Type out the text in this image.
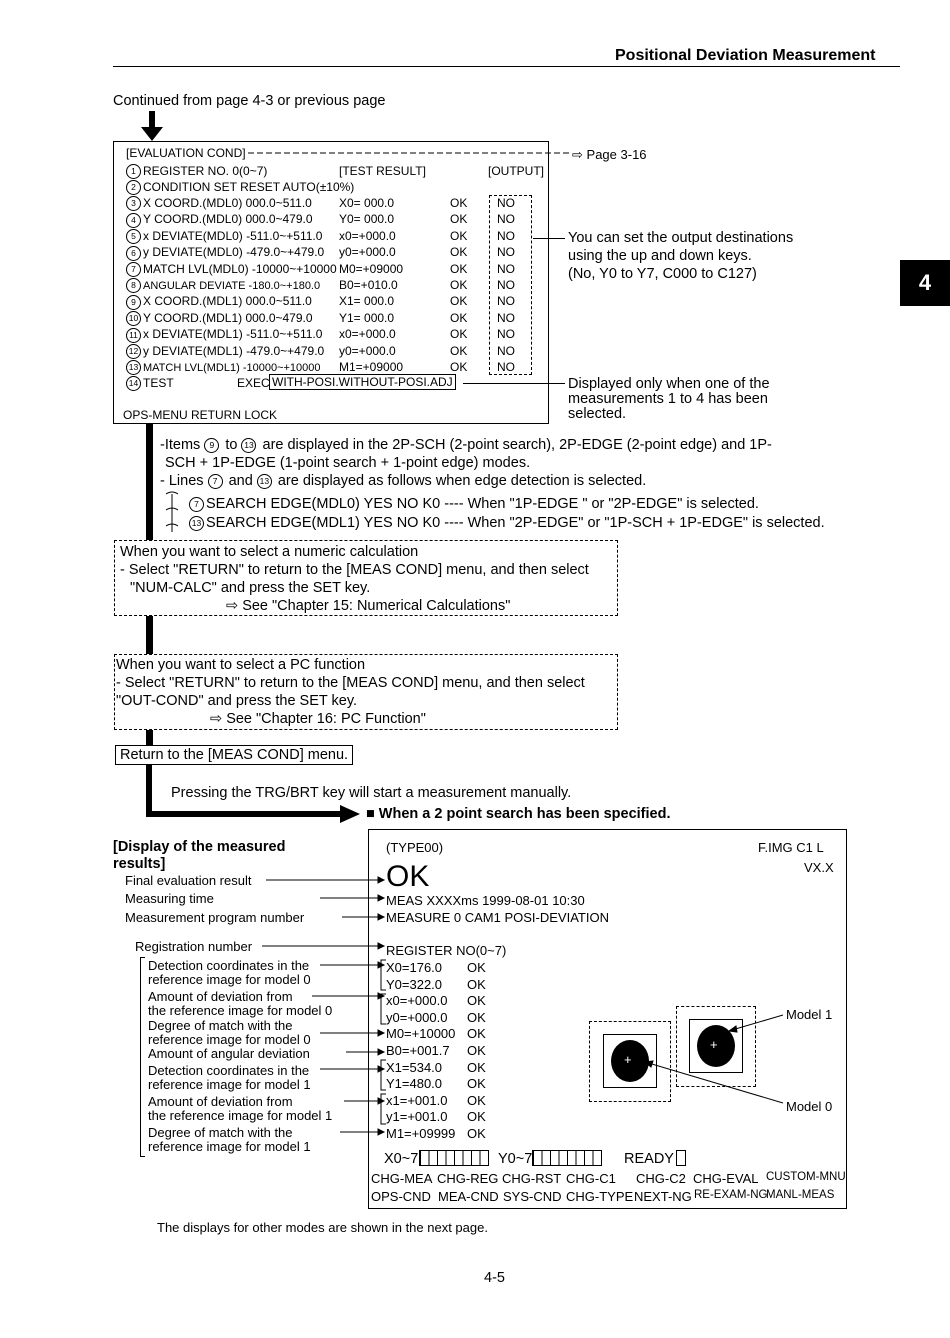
Positional Deviation Measurement
4
Continued from page 4-3 or previous page
[EVALUATION COND]	⇨ Page 3-16
1 REGISTER NO. 0(0~7)	[TEST RESULT]	[OUTPUT]
2 CONDITION SET RESET AUTO(±10%)
3 X COORD.(MDL0) 000.0~511.0 X0= 000.0	OK NO
4 Y COORD.(MDL0) 000.0~479.0 Y0= 000.0	OK NO
5 x DEVIATE(MDL0) -511.0~+511.0 x0=+000.0	OK NO
6 y DEVIATE(MDL0) -479.0~+479.0 y0=+000.0	OK NO
7 MATCH LVL(MDL0) -10000~+10000 M0=+09000	OK NO
8 ANGULAR DEVIATE -180.0~+180.0 B0=+010.0	OK NO
9 X COORD.(MDL1) 000.0~511.0 X1= 000.0	OK NO
10 Y COORD.(MDL1) 000.0~479.0 Y1= 000.0	OK NO
11 x DEVIATE(MDL1) -511.0~+511.0 x0=+000.0	OK NO
12 y DEVIATE(MDL1) -479.0~+479.0 y0=+000.0	OK NO
13 MATCH LVL(MDL1) -10000~+10000 M1=+09000	OK NO
14 TEST	EXEC WITH-POSI.WITHOUT-POSI.ADJ
OPS-MENU RETURN LOCK
You can set the output destinations
using the up and down keys.
(No, Y0 to Y7, C000 to C127)
Displayed only when one of the
measurements 1 to 4 has been
selected.
-Items 9 to 13 are displayed in the 2P-SCH (2-point search), 2P-EDGE (2-point edge) and 1P-
SCH + 1P-EDGE (1-point search + 1-point edge) modes.
- Lines 7 and 13 are displayed as follows when edge detection is selected.
7 SEARCH EDGE(MDL0) YES NO K0 ---- When "1P-EDGE " or "2P-EDGE" is selected.
13 SEARCH EDGE(MDL1) YES NO K0 ---- When "2P-EDGE" or "1P-SCH + 1P-EDGE" is selected.
When you want to select a numeric calculation
- Select "RETURN" to return to the [MEAS COND] menu, and then select
"NUM-CALC" and press the SET key.
⇨ See "Chapter 15: Numerical Calculations"
When you want to select a PC function
- Select "RETURN" to return to the [MEAS COND] menu, and then select
"OUT-COND" and press the SET key.
⇨ See "Chapter 16: PC Function"
Return to the [MEAS COND] menu.
Pressing the TRG/BRT key will start a measurement manually.
■ When a 2 point search has been specified.
[Display of the measured
results]
Final evaluation result
Measuring time
Measurement program number
Registration number
Detection coordinates in the
reference image for model 0
Amount of deviation from
the reference image for model 0
Degree of match with the
reference image for model 0
Amount of angular deviation
Detection coordinates in the
reference image for model 1
Amount of deviation from
the reference image for model 1
Degree of match with the
reference image for model 1
(TYPE00)	F.IMG C1 L
VX.X
OK
MEAS XXXXms 1999-08-01 10:30
MEASURE 0 CAM1 POSI-DEVIATION
REGISTER NO(0~7)
X0=176.0 OK
Y0=322.0 OK
x0=+000.0 OK
y0=+000.0 OK
M0=+10000 OK
B0=+001.7 OK
X1=534.0 OK
Y1=480.0 OK
x1=+001.0 OK
y1=+001.0 OK
M1=+09999 OK
+
+
Model 1
Model 0
X0~7	Y0~7	READY
CHG-MEA CHG-REG CHG-RST CHG-C1 CHG-C2 CHG-EVAL CUSTOM-MNU
OPS-CND MEA-CND SYS-CND CHG-TYPE NEXT-NG RE-EXAM-NG
MANL-MEAS
The displays for other modes are shown in the next page.
4-5
